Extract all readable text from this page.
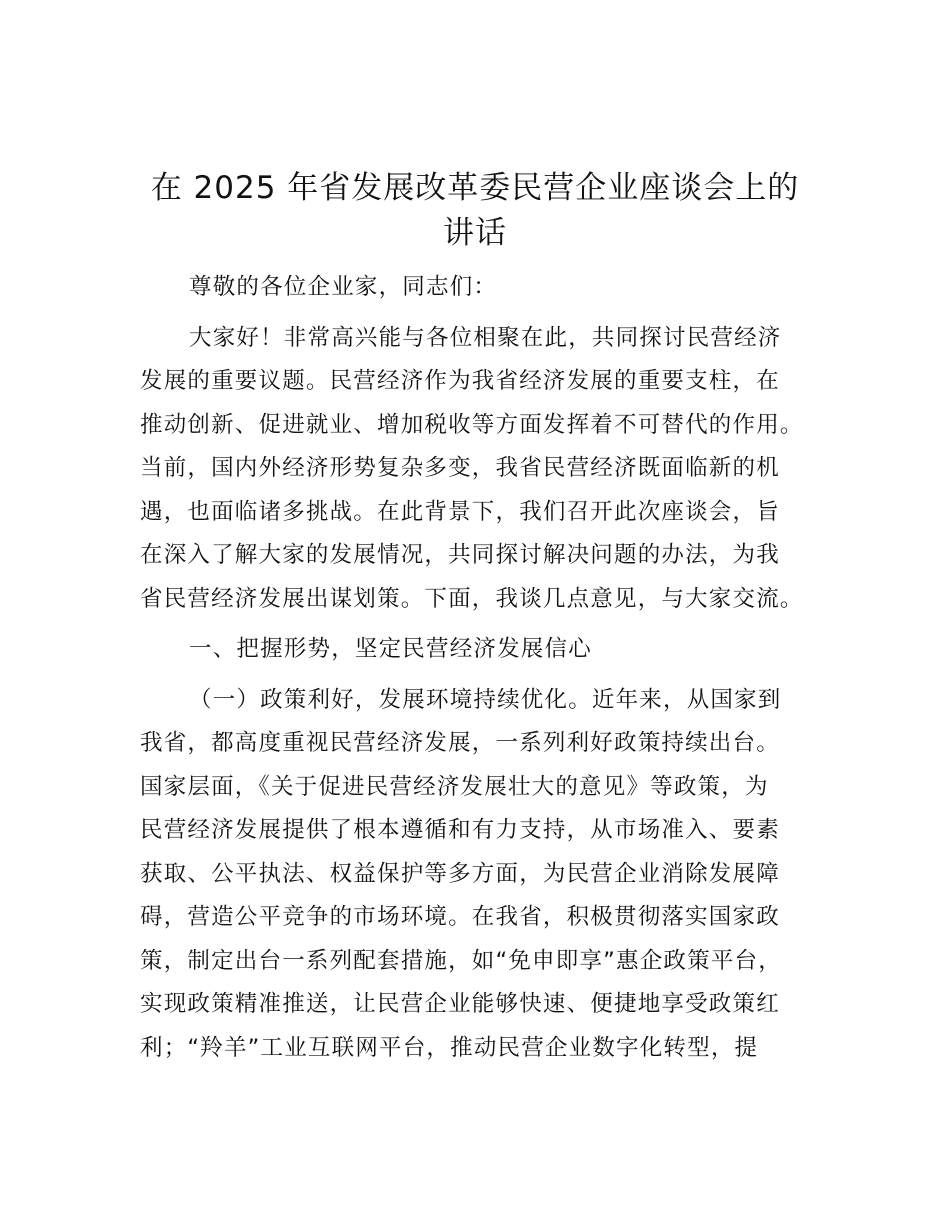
在 2025 年省发展改革委民营企业座谈会上的
讲话

尊敬的各位企业家，同志们：

大家好！非常高兴能与各位相聚在此，共同探讨民营经济
发展的重要议题。民营经济作为我省经济发展的重要支柱，在
推动创新、促进就业、增加税收等方面发挥着不可替代的作用。
当前，国内外经济形势复杂多变，我省民营经济既面临新的机
遇，也面临诸多挑战。在此背景下，我们召开此次座谈会，旨
在深入了解大家的发展情况，共同探讨解决问题的办法，为我
省民营经济发展出谋划策。下面，我谈几点意见，与大家交流。

一、把握形势，坚定民营经济发展信心

（一）政策利好，发展环境持续优化。近年来，从国家到
我省，都高度重视民营经济发展，一系列利好政策持续出台。
国家层面，《关于促进民营经济发展壮大的意见》等政策，为
民营经济发展提供了根本遵循和有力支持，从市场准入、要素
获取、公平执法、权益保护等多方面，为民营企业消除发展障
碍，营造公平竞争的市场环境。在我省，积极贯彻落实国家政
策，制定出台一系列配套措施，如“免申即享”惠企政策平台，
实现政策精准推送，让民营企业能够快速、便捷地享受政策红
利；“羚羊”工业互联网平台，推动民营企业数字化转型，提
